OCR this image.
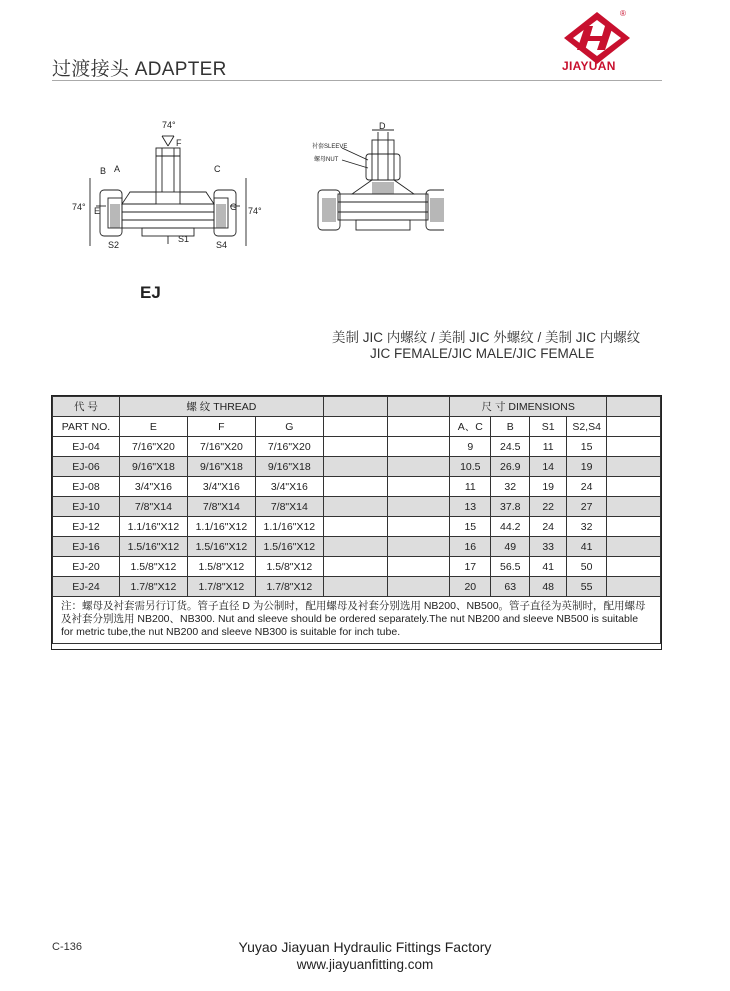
过渡接头 ADAPTER
®
JIAYUAN
74°
F
A
B	C
E	G
74°	74°
S1
S2	S4
D
衬套SLEEVE
螺母NUT
EJ
美制 JIC 内螺纹 / 美制 JIC 外螺纹 / 美制 JIC 内螺纹
JIC FEMALE/JIC MALE/JIC FEMALE
代 号	螺 纹 THREAD					尺 寸 DIMENSIONS				
PART NO.	E	F	G			A、C	B	S1	S2,S4	
EJ-04	7/16"X20	7/16"X20	7/16"X20			9	24.5	11	15	
EJ-06	9/16"X18	9/16"X18	9/16"X18			10.5	26.9	14	19	
EJ-08	3/4"X16	3/4"X16	3/4"X16			11	32	19	24	
EJ-10	7/8"X14	7/8"X14	7/8"X14			13	37.8	22	27	
EJ-12	1.1/16"X12	1.1/16"X12	1.1/16"X12			15	44.2	24	32	
EJ-16	1.5/16"X12	1.5/16"X12	1.5/16"X12			16	49	33	41	
EJ-20	1.5/8"X12	1.5/8"X12	1.5/8"X12			17	56.5	41	50	
EJ-24	1.7/8"X12	1.7/8"X12	1.7/8"X12			20	63	48	55	
注：螺母及衬套需另行订货。管子直径 D 为公制时，配用螺母及衬套分别选用 NB200、NB500。管子直径为英制时，配用螺母及衬套分别选用 NB200、NB300. Nut and sleeve should be ordered separately.The nut NB200 and sleeve NB500 is suitable for metric tube,the nut NB200 and sleeve NB300 is suitable for inch tube.										
C-136	Yuyao Jiayuan Hydraulic Fittings Factory
www.jiayuanfitting.com
